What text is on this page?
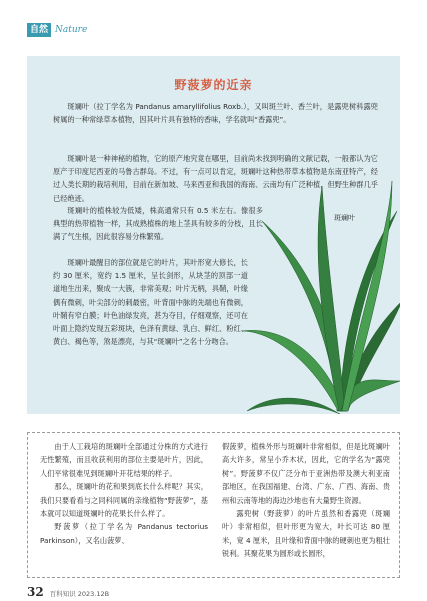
自然 Nature
野菠萝的近亲

斑斓叶（拉丁学名为 Pandanus amaryllifolius Roxb.），又叫斑兰叶、香兰叶，是露兜树科露兜树属的一种常绿草本植物，因其叶片具有独特的香味，学名就叫“香露兜”。

斑斓叶是一种神秘的植物，它的原产地究竟在哪里，目前尚未找到明确的文献记载，一般都认为它原产于印度尼西亚的马鲁古群岛。不过，有一点可以肯定，斑斓叶这种热带草本植物是东南亚特产，经过人类长期的栽培利用，目前在新加坡、马来西亚和我国的海南、云南均有广泛种植，但野生种群几乎已经绝迹。

斑斓叶的植株较为低矮，株高通常只有 0.5 米左右。像很多典型的热带植物一样，其成熟植株的地上茎具有较多的分枝，且长满了气生根，因此很容易分株繁殖。

斑斓叶最醒目的部位就是它的叶片，其叶形宽大修长，长约 30 厘米，宽约 1.5 厘米，呈长剑形，从块茎的顶部一道道地生出来，聚成一大簇，非常美观；叶片无柄，具鞘，叶缘偶有微刺，叶尖部分的刺最密，叶背面中脉的先端也有微刺，叶鞘有窄白膜；叶色油绿发亮，甚为夺目，仔细观察，还可在叶面上隐约发现五彩斑块，色泽有黄绿、乳白、鲜红、粉红、黄白、褐色等，煞是漂亮，与其“斑斓叶”之名十分吻合。

斑斓叶

由于人工栽培的斑斓叶全部通过分株的方式进行无性繁殖，而且收获利用的部位主要是叶片，因此，人们平常很难见到斑斓叶开花结果的样子。

那么，斑斓叶的花和果到底长什么样呢？其实，我们只要看看与之同科同属的亲缘植物“野菠萝”，基本就可以知道斑斓叶的花果长什么样了。

野菠萝（拉丁学名为 Pandanus tectorius Parkinson），又名山菠萝、

假菠萝，植株外形与斑斓叶非常相似，但是比斑斓叶高大许多，常呈小乔木状，因此，它的学名为“露兜树”。野菠萝不仅广泛分布于亚洲热带及澳大利亚南部地区，在我国福建、台湾、广东、广西、海南、贵州和云南等地的海边沙地也有大量野生资源。

露兜树（野菠萝）的叶片虽然和香露兜（斑斓叶）非常相似，但叶形更为宽大，叶长可达 80 厘米，宽 4 厘米，且叶缘和背面中脉的硬刺也更为粗壮锐利。其聚花果为圆形或长圆形，

32 百科知识 2023.12B
